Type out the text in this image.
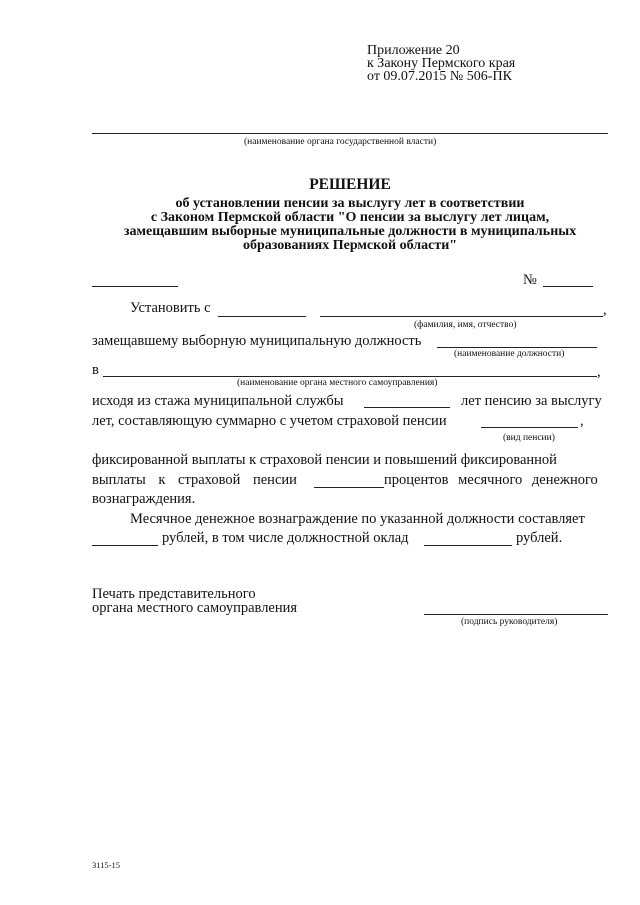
Приложение 20
к Закону Пермского края
от 09.07.2015 № 506-ПК
(наименование органа государственной власти)
РЕШЕНИЕ
об установлении пенсии за выслугу лет в соответствии
с Законом Пермской области "О пенсии за выслугу лет лицам,
замещавшим выборные муниципальные должности в муниципальных
образованиях Пермской области"
№
Установить с	,
(фамилия, имя, отчество)
замещавшему выборную муниципальную должность
(наименование должности)
в	,
(наименование органа местного самоуправления)
исходя из стажа муниципальной службы	лет пенсию за выслугу
лет, составляющую суммарно с учетом страховой пенсии	,
(вид пенсии)
фиксированной выплаты к страховой пенсии и повышений фиксированной
выплаты к страховой пенсии	процентов месячного денежного
вознаграждения.
Месячное денежное вознаграждение по указанной должности составляет
рублей, в том числе должностной оклад	рублей.
Печать представительного
органа местного самоуправления
(подпись руководителя)
3115-15
